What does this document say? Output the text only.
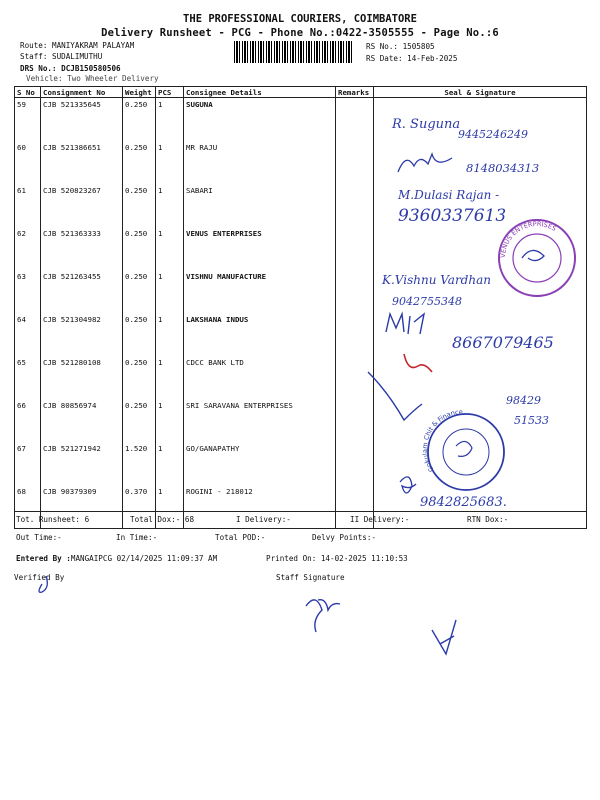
THE PROFESSIONAL COURIERS, COIMBATORE
Delivery Runsheet - PCG - Phone No.:0422-3505555 - Page No.:6
Route: MANIYAKRAM PALAYAM
Staff: SUDALIMUTHU
DRS No.: DCJB150580506
Vehicle: Two Wheeler Delivery
RS No.: 1505805
RS Date: 14-Feb-2025
S No	Consignment No	Weight	PCS	Consignee Details	Remarks	Seal & Signature
59	CJB 521335645	0.250	1	SUGUNA		
60	CJB 521386651	0.250	1	MR RAJU		
61	CJB 520823267	0.250	1	SABARI		
62	CJB 521363333	0.250	1	VENUS ENTERPRISES		
63	CJB 521263455	0.250	1	VISHNU MANUFACTURE		
64	CJB 521304982	0.250	1	LAKSHANA INDUS		
65	CJB 521280108	0.250	1	CDCC BANK LTD		
66	CJB 80856974	0.250	1	SRI SARAVANA ENTERPRISES		
67	CJB 521271942	1.520	1	GO/GANAPATHY		
68	CJB 90379309	0.370	1	ROGINI - 218012		
Tot. Runsheet: 6	Total Dox:- 68	I Delivery:-	II Delivery:-	RTN Dox:-
Out Time:-	In Time:-	Total POD:-	Delvy Points:-
Entered By :MANGAIPCG 02/14/2025 11:09:37 AM	Printed On: 14-02-2025 11:10:53
Verified By	Staff Signature
R. Suguna
9445246249
8148034313
M.Dulasi Rajan -
9360337613
VENUS ENTERPRISES
K.Vishnu Vardhan
9042755348
8667079465
98429
51533
Gokulam Chit & Finance
9842825683.
